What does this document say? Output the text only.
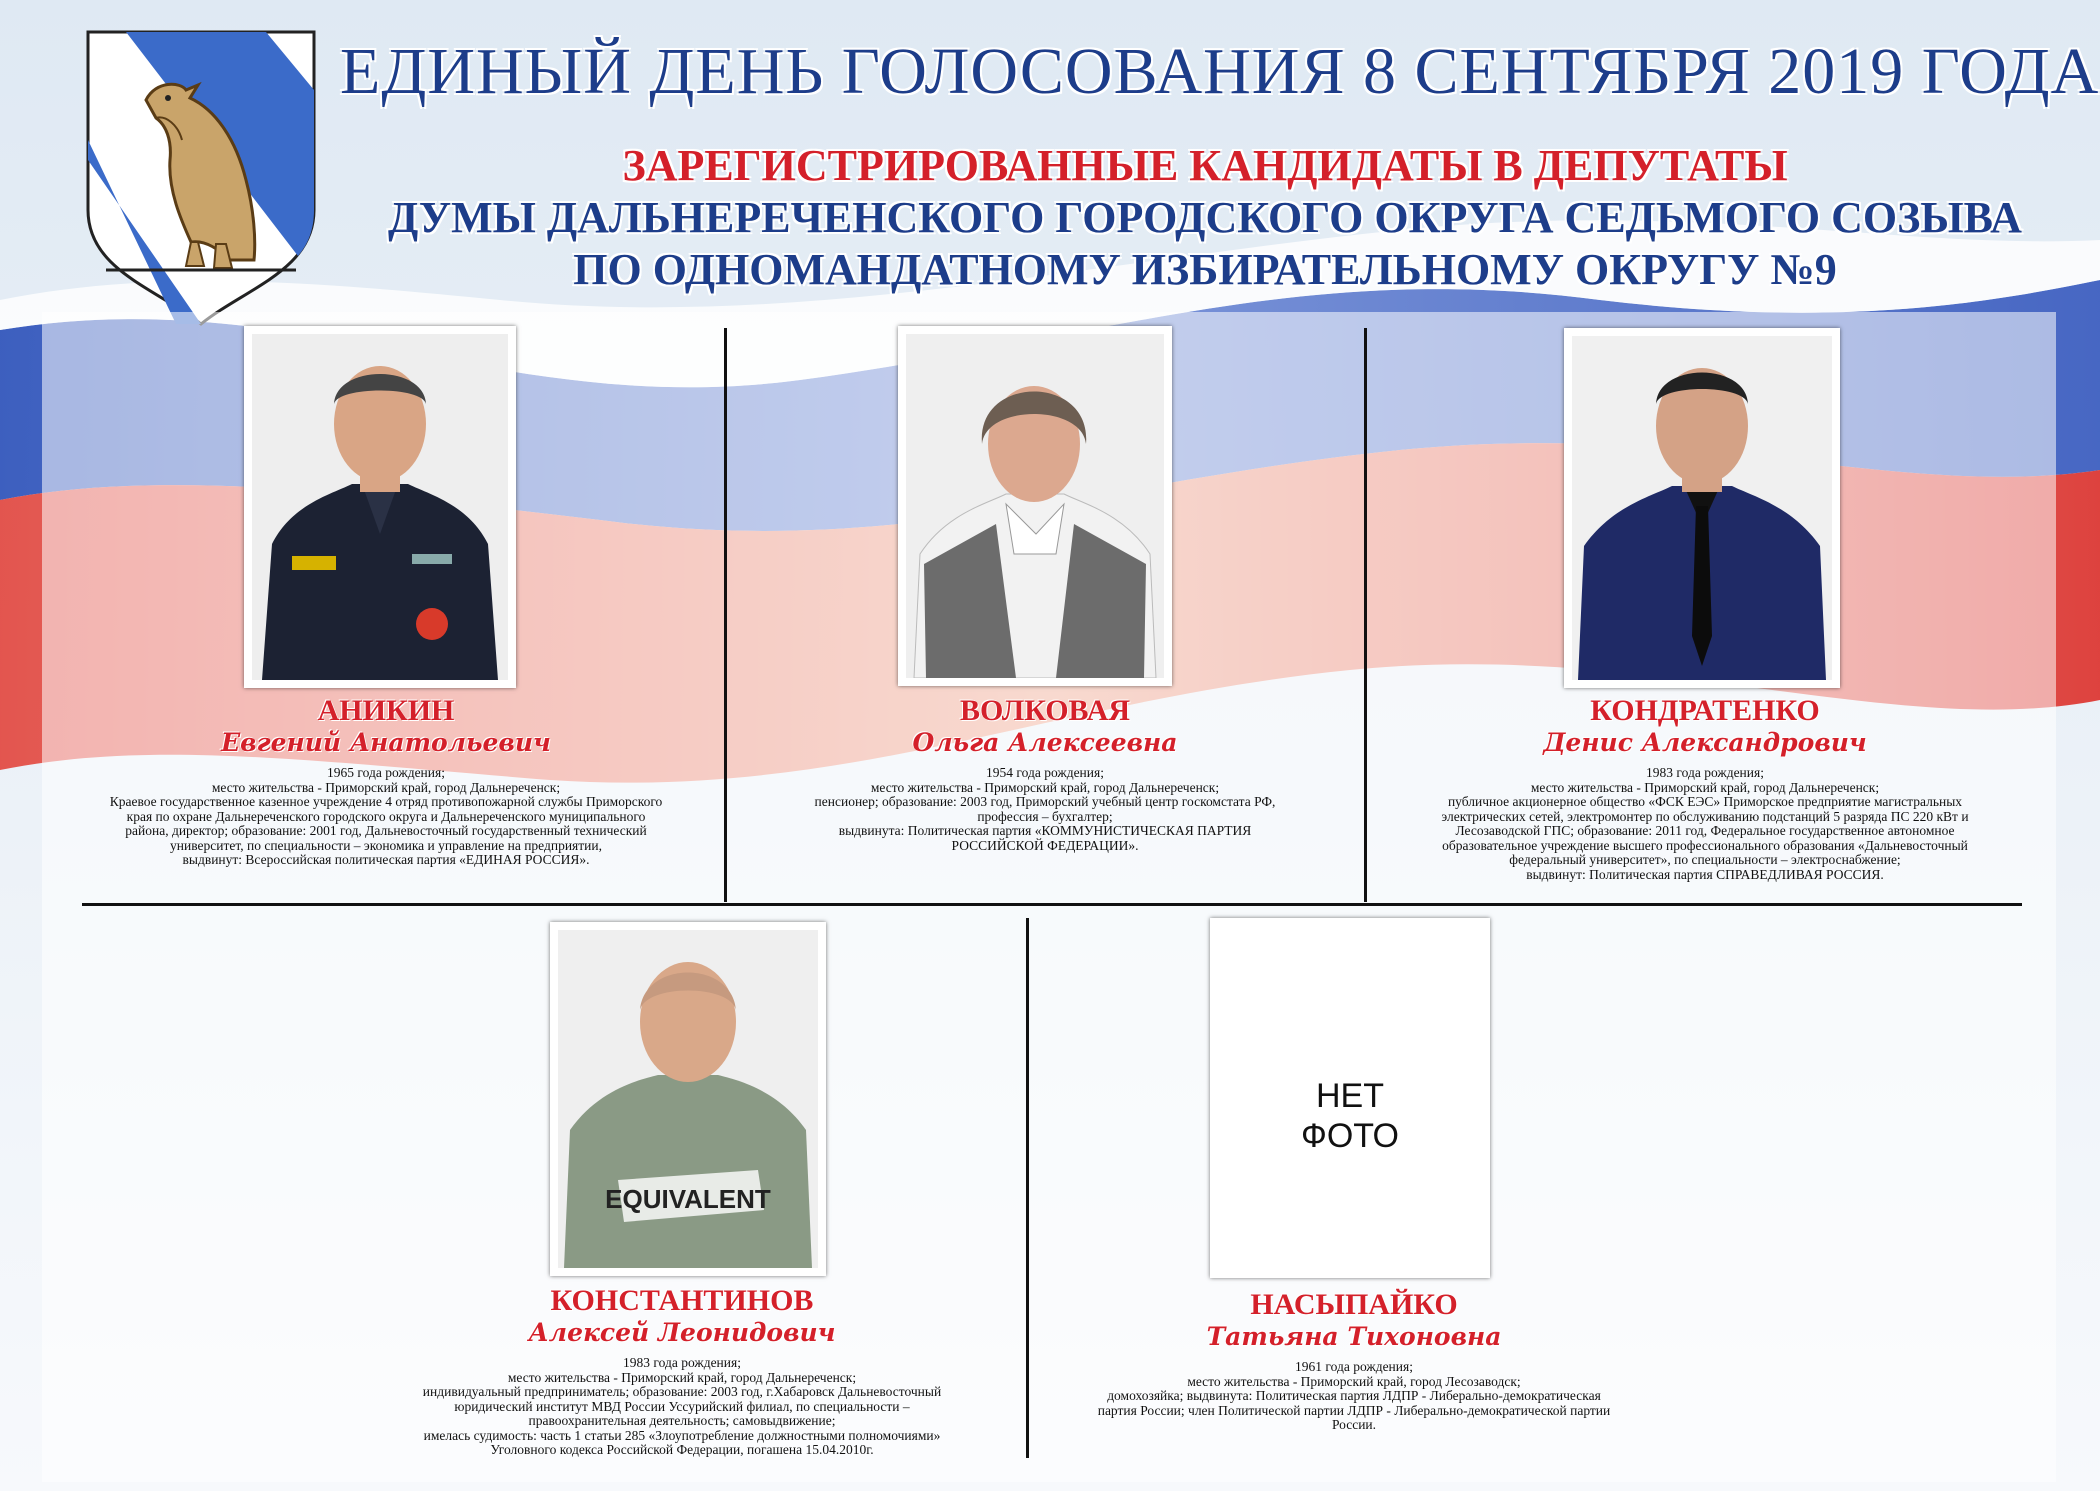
ЕДИНЫЙ ДЕНЬ ГОЛОСОВАНИЯ 8 СЕНТЯБРЯ 2019 ГОДА
ЗАРЕГИСТРИРОВАННЫЕ КАНДИДАТЫ В ДЕПУТАТЫ
ДУМЫ ДАЛЬНЕРЕЧЕНСКОГО ГОРОДСКОГО ОКРУГА СЕДЬМОГО СОЗЫВА
ПО ОДНОМАНДАТНОМУ ИЗБИРАТЕЛЬНОМУ ОКРУГУ №9
АНИКИН
Евгений Анатольевич
1965 года рождения;
место жительства - Приморский край, город Дальнереченск;
Краевое государственное казенное учреждение 4 отряд противопожарной службы Приморского
края по охране Дальнереченского городского округа и Дальнереченского муниципального
района, директор; образование: 2001 год, Дальневосточный государственный технический
университет, по специальности – экономика и управление на предприятии,
выдвинут: Всероссийская политическая партия «ЕДИНАЯ РОССИЯ».
ВОЛКОВАЯ
Ольга Алексеевна
1954 года рождения;
место жительства - Приморский край, город Дальнереченск;
пенсионер; образование: 2003 год, Приморский учебный центр госкомстата РФ,
профессия – бухгалтер;
выдвинута: Политическая партия «КОММУНИСТИЧЕСКАЯ ПАРТИЯ
РОССИЙСКОЙ ФЕДЕРАЦИИ».
КОНДРАТЕНКО
Денис Александрович
1983 года рождения;
место жительства - Приморский край, город Дальнереченск;
публичное акционерное общество «ФСК ЕЭС» Приморское предприятие магистральных
электрических сетей, электромонтер по обслуживанию подстанций 5 разряда ПС 220 кВт и
Лесозаводской ГПС; образование: 2011 год, Федеральное государственное автономное
образовательное учреждение высшего профессионального образования «Дальневосточный
федеральный университет», по специальности – электроснабжение;
выдвинут: Политическая партия СПРАВЕДЛИВАЯ РОССИЯ.
EQUIVALENT
КОНСТАНТИНОВ
Алексей Леонидович
1983 года рождения;
место жительства - Приморский край, город Дальнереченск;
индивидуальный предприниматель; образование: 2003 год, г.Хабаровск Дальневосточный
юридический институт МВД России Уссурийский филиал, по специальности –
правоохранительная деятельность; самовыдвижение;
имелась судимость: часть 1 статьи 285 «Злоупотребление должностными полномочиями»
Уголовного кодекса Российской Федерации, погашена 15.04.2010г.
НЕТ
ФОТО
НАСЫПАЙКО
Татьяна Тихоновна
1961 года рождения;
место жительства - Приморский край, город Лесозаводск;
домохозяйка; выдвинута: Политическая партия ЛДПР - Либерально-демократическая
партия России; член Политической партии ЛДПР - Либерально-демократической партии
России.
